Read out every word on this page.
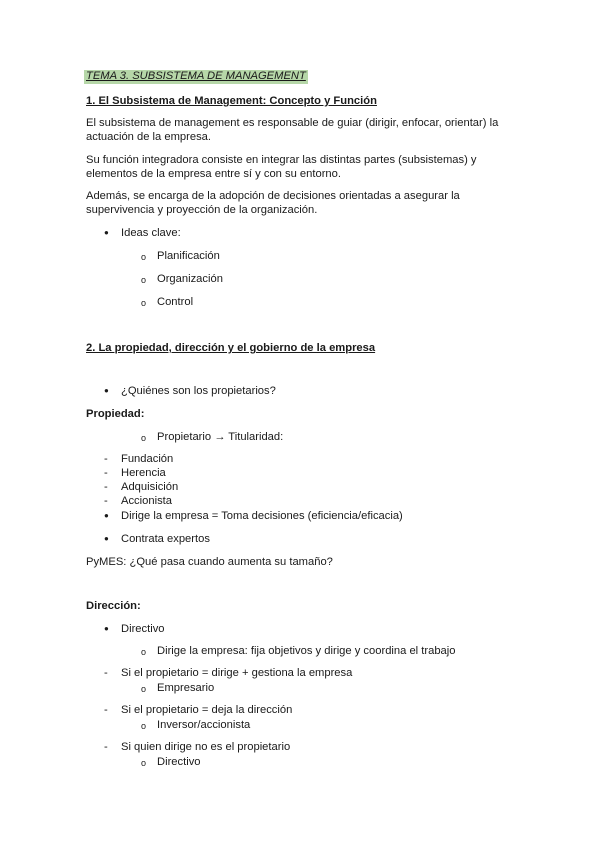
TEMA 3. SUBSISTEMA DE MANAGEMENT
1. El Subsistema de Management: Concepto y Función
El subsistema de management es responsable de guiar (dirigir, enfocar, orientar) la
actuación de la empresa.
Su función integradora consiste en integrar las distintas partes (subsistemas) y
elementos de la empresa entre sí y con su entorno.
Además, se encarga de la adopción de decisiones orientadas a asegurar la
supervivencia y proyección de la organización.
● Ideas clave:
o Planificación
o Organización
o Control
2. La propiedad, dirección y el gobierno de la empresa
● ¿Quiénes son los propietarios?
Propiedad:
o Propietario → Titularidad:
- Fundación
- Herencia
- Adquisición
- Accionista
● Dirige la empresa = Toma decisiones (eficiencia/eficacia)
● Contrata expertos
PyMES: ¿Qué pasa cuando aumenta su tamaño?
Dirección:
● Directivo
o Dirige la empresa: fija objetivos y dirige y coordina el trabajo
- Si el propietario = dirige + gestiona la empresa
o Empresario
- Si el propietario = deja la dirección
o Inversor/accionista
- Si quien dirige no es el propietario
o Directivo
